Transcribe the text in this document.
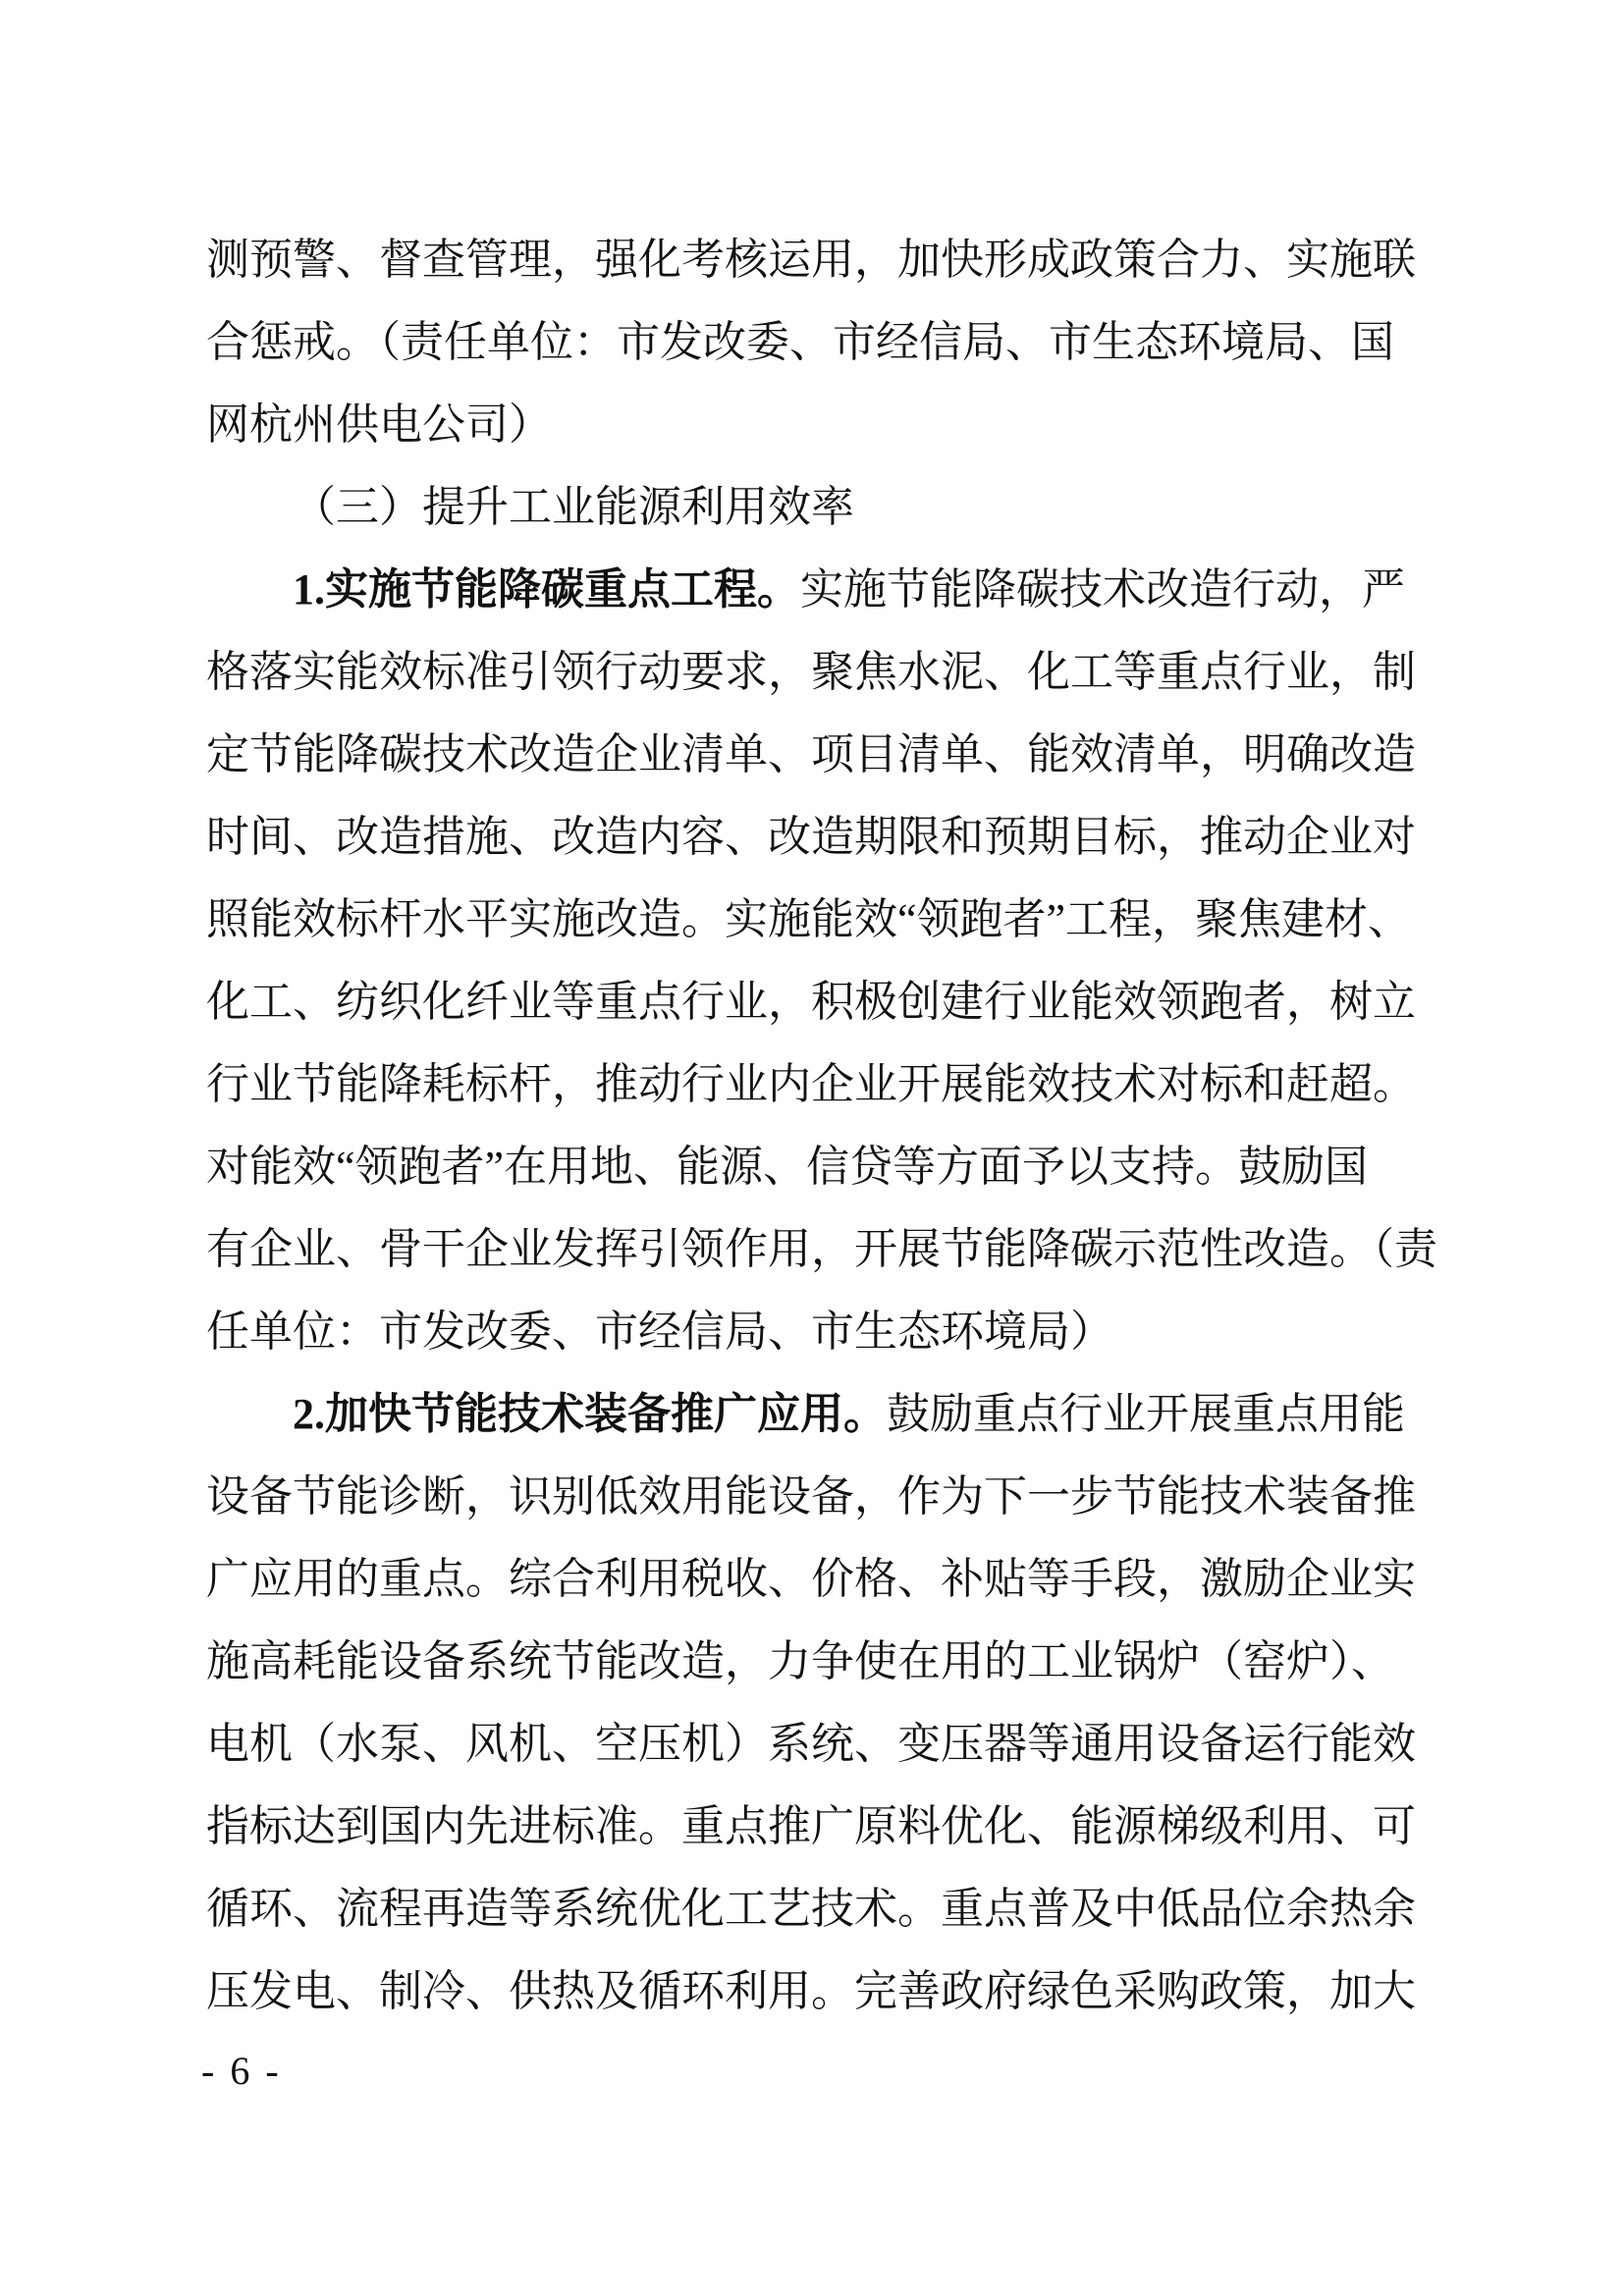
测预警、督查管理，强化考核运用，加快形成政策合力、实施联
合惩戒。（责任单位：市发改委、市经信局、市生态环境局、国
网杭州供电公司）
（三）提升工业能源利用效率
1.实施节能降碳重点工程。实施节能降碳技术改造行动，严
格落实能效标准引领行动要求，聚焦水泥、化工等重点行业，制
定节能降碳技术改造企业清单、项目清单、能效清单，明确改造
时间、改造措施、改造内容、改造期限和预期目标，推动企业对
照能效标杆水平实施改造。实施能效“领跑者”工程，聚焦建材、
化工、纺织化纤业等重点行业，积极创建行业能效领跑者，树立
行业节能降耗标杆，推动行业内企业开展能效技术对标和赶超。
对能效“领跑者”在用地、能源、信贷等方面予以支持。鼓励国
有企业、骨干企业发挥引领作用，开展节能降碳示范性改造。（责
任单位：市发改委、市经信局、市生态环境局）
2.加快节能技术装备推广应用。鼓励重点行业开展重点用能
设备节能诊断，识别低效用能设备，作为下一步节能技术装备推
广应用的重点。综合利用税收、价格、补贴等手段，激励企业实
施高耗能设备系统节能改造，力争使在用的工业锅炉（窑炉）、
电机（水泵、风机、空压机）系统、变压器等通用设备运行能效
指标达到国内先进标准。重点推广原料优化、能源梯级利用、可
循环、流程再造等系统优化工艺技术。重点普及中低品位余热余
压发电、制冷、供热及循环利用。完善政府绿色采购政策，加大
- 6 -
